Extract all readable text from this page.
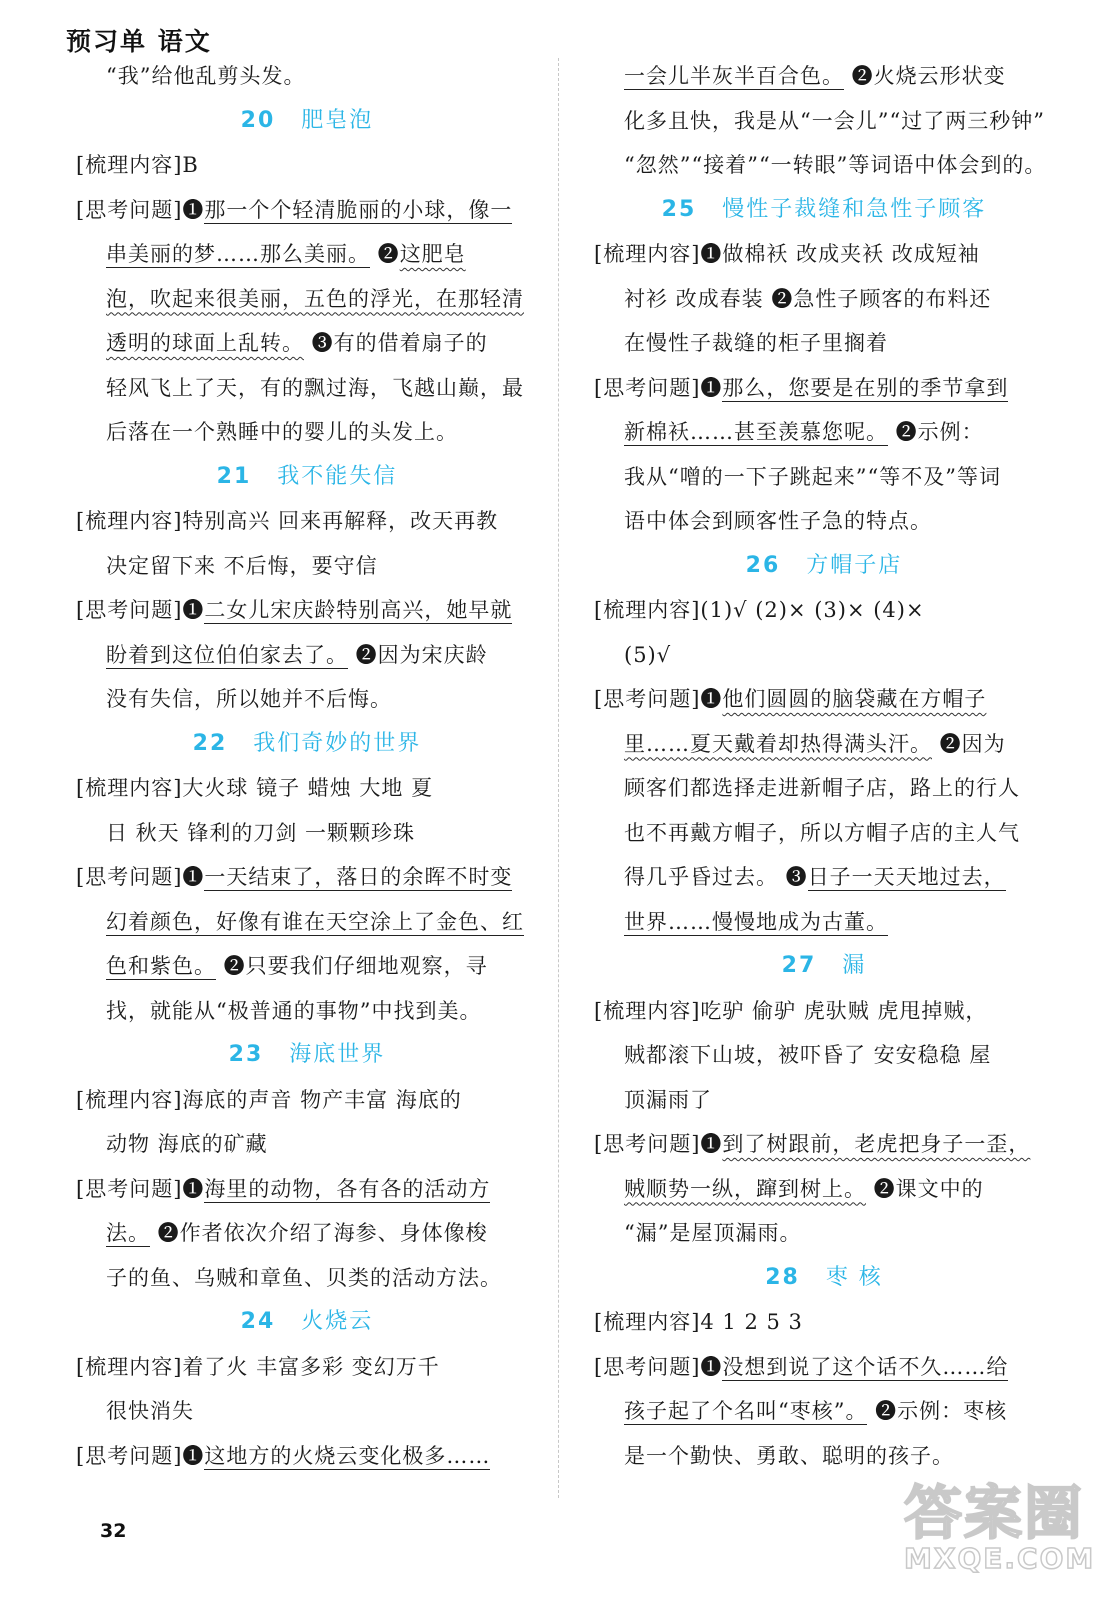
预习单 语文
“我”给他乱剪头发。
20 肥皂泡
[梳理内容]B
[思考问题]❶那一个个轻清脆丽的小球，像一
串美丽的梦……那么美丽。 ❷这肥皂
泡，吹起来很美丽，五色的浮光，在那轻清
透明的球面上乱转。 ❸有的借着扇子的
轻风飞上了天，有的飘过海，飞越山巅，最
后落在一个熟睡中的婴儿的头发上。
21 我不能失信
[梳理内容]特别高兴 回来再解释，改天再教
决定留下来 不后悔，要守信
[思考问题]❶二女儿宋庆龄特别高兴，她早就
盼着到这位伯伯家去了。 ❷因为宋庆龄
没有失信，所以她并不后悔。
22 我们奇妙的世界
[梳理内容]大火球 镜子 蜡烛 大地 夏
日 秋天 锋利的刀剑 一颗颗珍珠
[思考问题]❶一天结束了，落日的余晖不时变
幻着颜色，好像有谁在天空涂上了金色、红
色和紫色。 ❷只要我们仔细地观察，寻
找，就能从“极普通的事物”中找到美。
23 海底世界
[梳理内容]海底的声音 物产丰富 海底的
动物 海底的矿藏
[思考问题]❶海里的动物，各有各的活动方
法。 ❷作者依次介绍了海参、身体像梭
子的鱼、乌贼和章鱼、贝类的活动方法。
24 火烧云
[梳理内容]着了火 丰富多彩 变幻万千
很快消失
[思考问题]❶这地方的火烧云变化极多……
一会儿半灰半百合色。 ❷火烧云形状变
化多且快，我是从“一会儿”“过了两三秒钟”
“忽然”“接着”“一转眼”等词语中体会到的。
25 慢性子裁缝和急性子顾客
[梳理内容]❶做棉袄 改成夹袄 改成短袖
衬衫 改成春装 ❷急性子顾客的布料还
在慢性子裁缝的柜子里搁着
[思考问题]❶那么，您要是在别的季节拿到
新棉袄……甚至羡慕您呢。 ❷示例：
我从“噌的一下子跳起来”“等不及”等词
语中体会到顾客性子急的特点。
26 方帽子店
[梳理内容](1)√ (2)× (3)× (4)×
(5)√
[思考问题]❶他们圆圆的脑袋藏在方帽子
里……夏天戴着却热得满头汗。 ❷因为
顾客们都选择走进新帽子店，路上的行人
也不再戴方帽子，所以方帽子店的主人气
得几乎昏过去。 ❸日子一天天地过去，
世界……慢慢地成为古董。
27 漏
[梳理内容]吃驴 偷驴 虎驮贼 虎甩掉贼，
贼都滚下山坡，被吓昏了 安安稳稳 屋
顶漏雨了
[思考问题]❶到了树跟前，老虎把身子一歪，
贼顺势一纵，蹿到树上。 ❷课文中的
“漏”是屋顶漏雨。
28 枣 核
[梳理内容]4 1 2 5 3
[思考问题]❶没想到说了这个话不久……给
孩子起了个名叫“枣核”。 ❷示例：枣核
是一个勤快、勇敢、聪明的孩子。
32	答案圈
MXQE.COM
